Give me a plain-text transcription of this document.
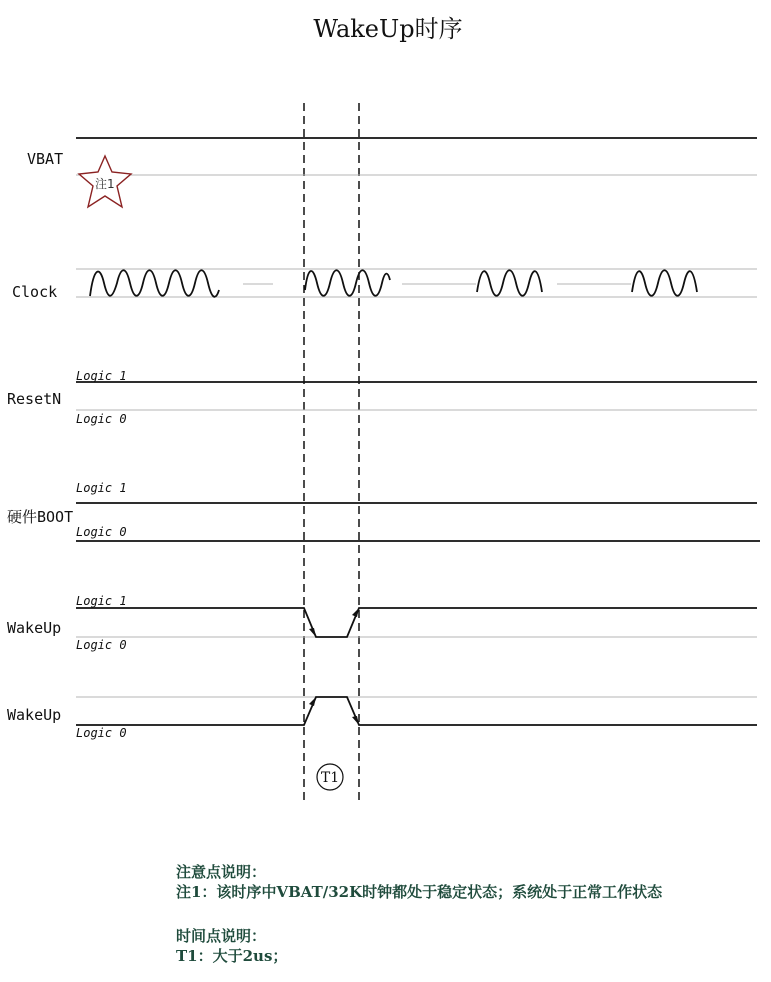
WakeUp时序
VBAT
注1
Clock
ResetN
Logic 1
Logic 0
硬件BOOT
Logic 1
Logic 0
WakeUp
Logic 1
Logic 0
WakeUp
Logic 0
T1
注意点说明：
注1：该时序中VBAT/32K时钟都处于稳定状态；系统处于正常工作状态
时间点说明：
T1：大于2us；
